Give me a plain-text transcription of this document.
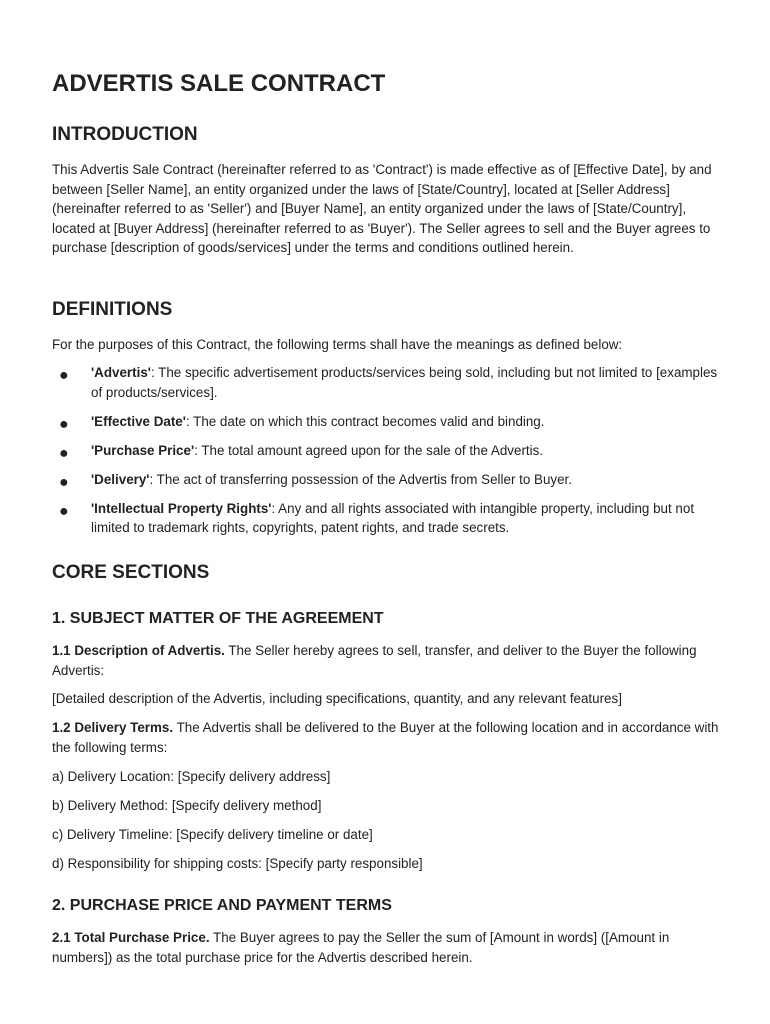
ADVERTIS SALE CONTRACT
INTRODUCTION

This Advertis Sale Contract (hereinafter referred to as 'Contract') is made effective as of [Effective Date], by and between [Seller Name], an entity organized under the laws of [State/Country], located at [Seller Address] (hereinafter referred to as 'Seller') and [Buyer Name], an entity organized under the laws of [State/Country], located at [Buyer Address] (hereinafter referred to as 'Buyer'). The Seller agrees to sell and the Buyer agrees to purchase [description of goods/services] under the terms and conditions outlined herein.

DEFINITIONS

For the purposes of this Contract, the following terms shall have the meanings as defined below:

● 'Advertis': The specific advertisement products/services being sold, including but not limited to [examples of products/services].
● 'Effective Date': The date on which this contract becomes valid and binding.
● 'Purchase Price': The total amount agreed upon for the sale of the Advertis.
● 'Delivery': The act of transferring possession of the Advertis from Seller to Buyer.
● 'Intellectual Property Rights': Any and all rights associated with intangible property, including but not limited to trademark rights, copyrights, patent rights, and trade secrets.
CORE SECTIONS
1. SUBJECT MATTER OF THE AGREEMENT

1.1 Description of Advertis. The Seller hereby agrees to sell, transfer, and deliver to the Buyer the following Advertis:

[Detailed description of the Advertis, including specifications, quantity, and any relevant features]

1.2 Delivery Terms. The Advertis shall be delivered to the Buyer at the following location and in accordance with the following terms:

a) Delivery Location: [Specify delivery address]

b) Delivery Method: [Specify delivery method]

c) Delivery Timeline: [Specify delivery timeline or date]

d) Responsibility for shipping costs: [Specify party responsible]

2. PURCHASE PRICE AND PAYMENT TERMS

2.1 Total Purchase Price. The Buyer agrees to pay the Seller the sum of [Amount in words] ([Amount in numbers]) as the total purchase price for the Advertis described herein.
